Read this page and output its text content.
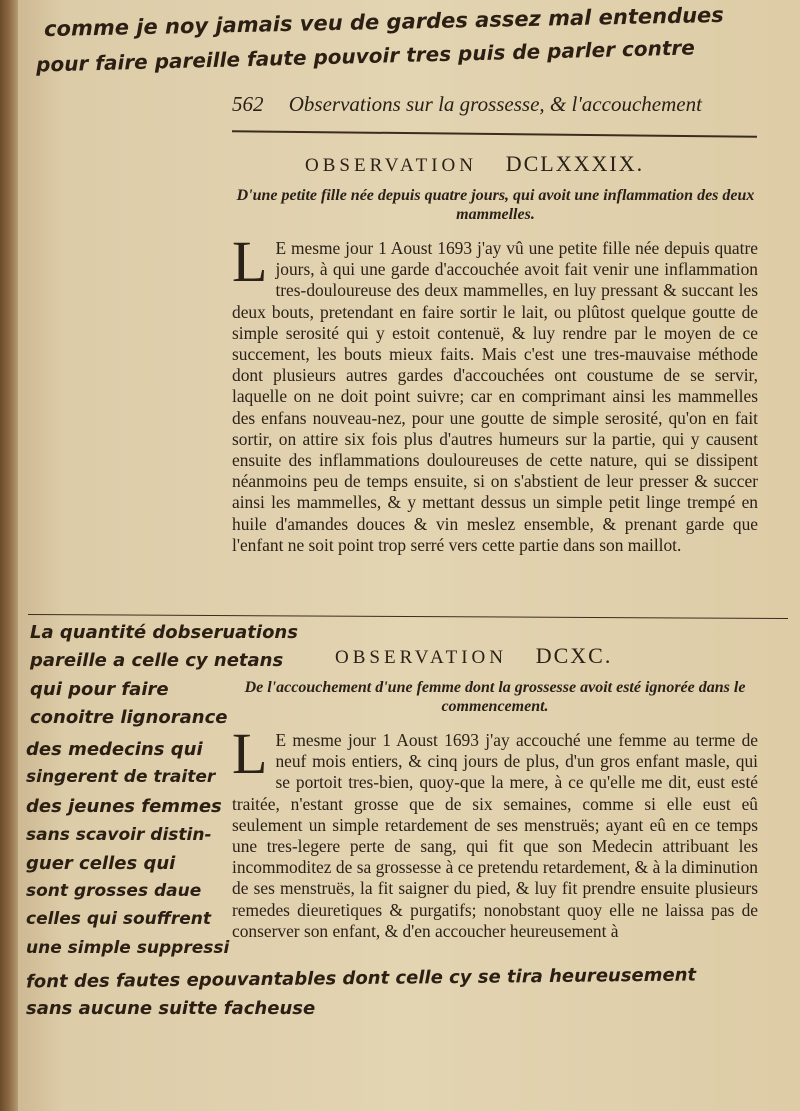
comme je noy jamais veu de gardes assez mal entendues
pour faire pareille faute pouvoir tres puis de parler contre
562 Observations sur la grossesse, & l'accouchement
OBSERVATION DCLXXXIX.
D'une petite fille née depuis quatre jours, qui avoit une inflammation des deux mammelles.

L E mesme jour 1 Aoust 1693 j'ay vû une petite fille née depuis quatre jours, à qui une garde d'accouchée avoit fait venir une inflammation tres-douloureuse des deux mammelles, en luy pressant & succant les deux bouts, pretendant en faire sortir le lait, ou plûtost quelque goutte de simple serosité qui y estoit contenuë, & luy rendre par le moyen de ce succement, les bouts mieux faits. Mais c'est une tres-mauvaise méthode dont plusieurs autres gardes d'accouchées ont coustume de se servir, laquelle on ne doit point suivre; car en comprimant ainsi les mammelles des enfans nouveau-nez, pour une goutte de simple serosité, qu'on en fait sortir, on attire six fois plus d'autres humeurs sur la partie, qui y causent ensuite des inflammations douloureuses de cette nature, qui se dissipent néanmoins peu de temps ensuite, si on s'abstient de leur presser & succer ainsi les mammelles, & y mettant dessus un simple petit linge trempé en huile d'amandes douces & vin meslez ensemble, & prenant garde que l'enfant ne soit point trop serré vers cette partie dans son maillot.

OBSERVATION DCXC.
De l'accouchement d'une femme dont la grossesse avoit esté ignorée dans le commencement.

L E mesme jour 1 Aoust 1693 j'ay accouché une femme au terme de neuf mois entiers, & cinq jours de plus, d'un gros enfant masle, qui se portoit tres-bien, quoy-que la mere, à ce qu'elle me dit, eust esté traitée, n'estant grosse que de six semaines, comme si elle eust eû seulement un simple retardement de ses menstruës; ayant eû en ce temps une tres-legere perte de sang, qui fit que son Medecin attribuant les incommoditez de sa grossesse à ce pretendu retardement, & à la diminution de ses menstruës, la fit saigner du pied, & luy fit prendre ensuite plusieurs remedes dieuretiques & purgatifs; nonobstant quoy elle ne laissa pas de conserver son enfant, & d'en accoucher heureusement à

La quantité dobseruations
pareille a celle cy netans
qui pour faire
conoitre lignorance
des medecins qui
singerent de traiter
des jeunes femmes
sans scavoir distin-
guer celles qui
sont grosses daue
celles qui souffrent
une simple suppressi
font des fautes epouvantables dont celle cy se tira heureusement
sans aucune suitte facheuse
